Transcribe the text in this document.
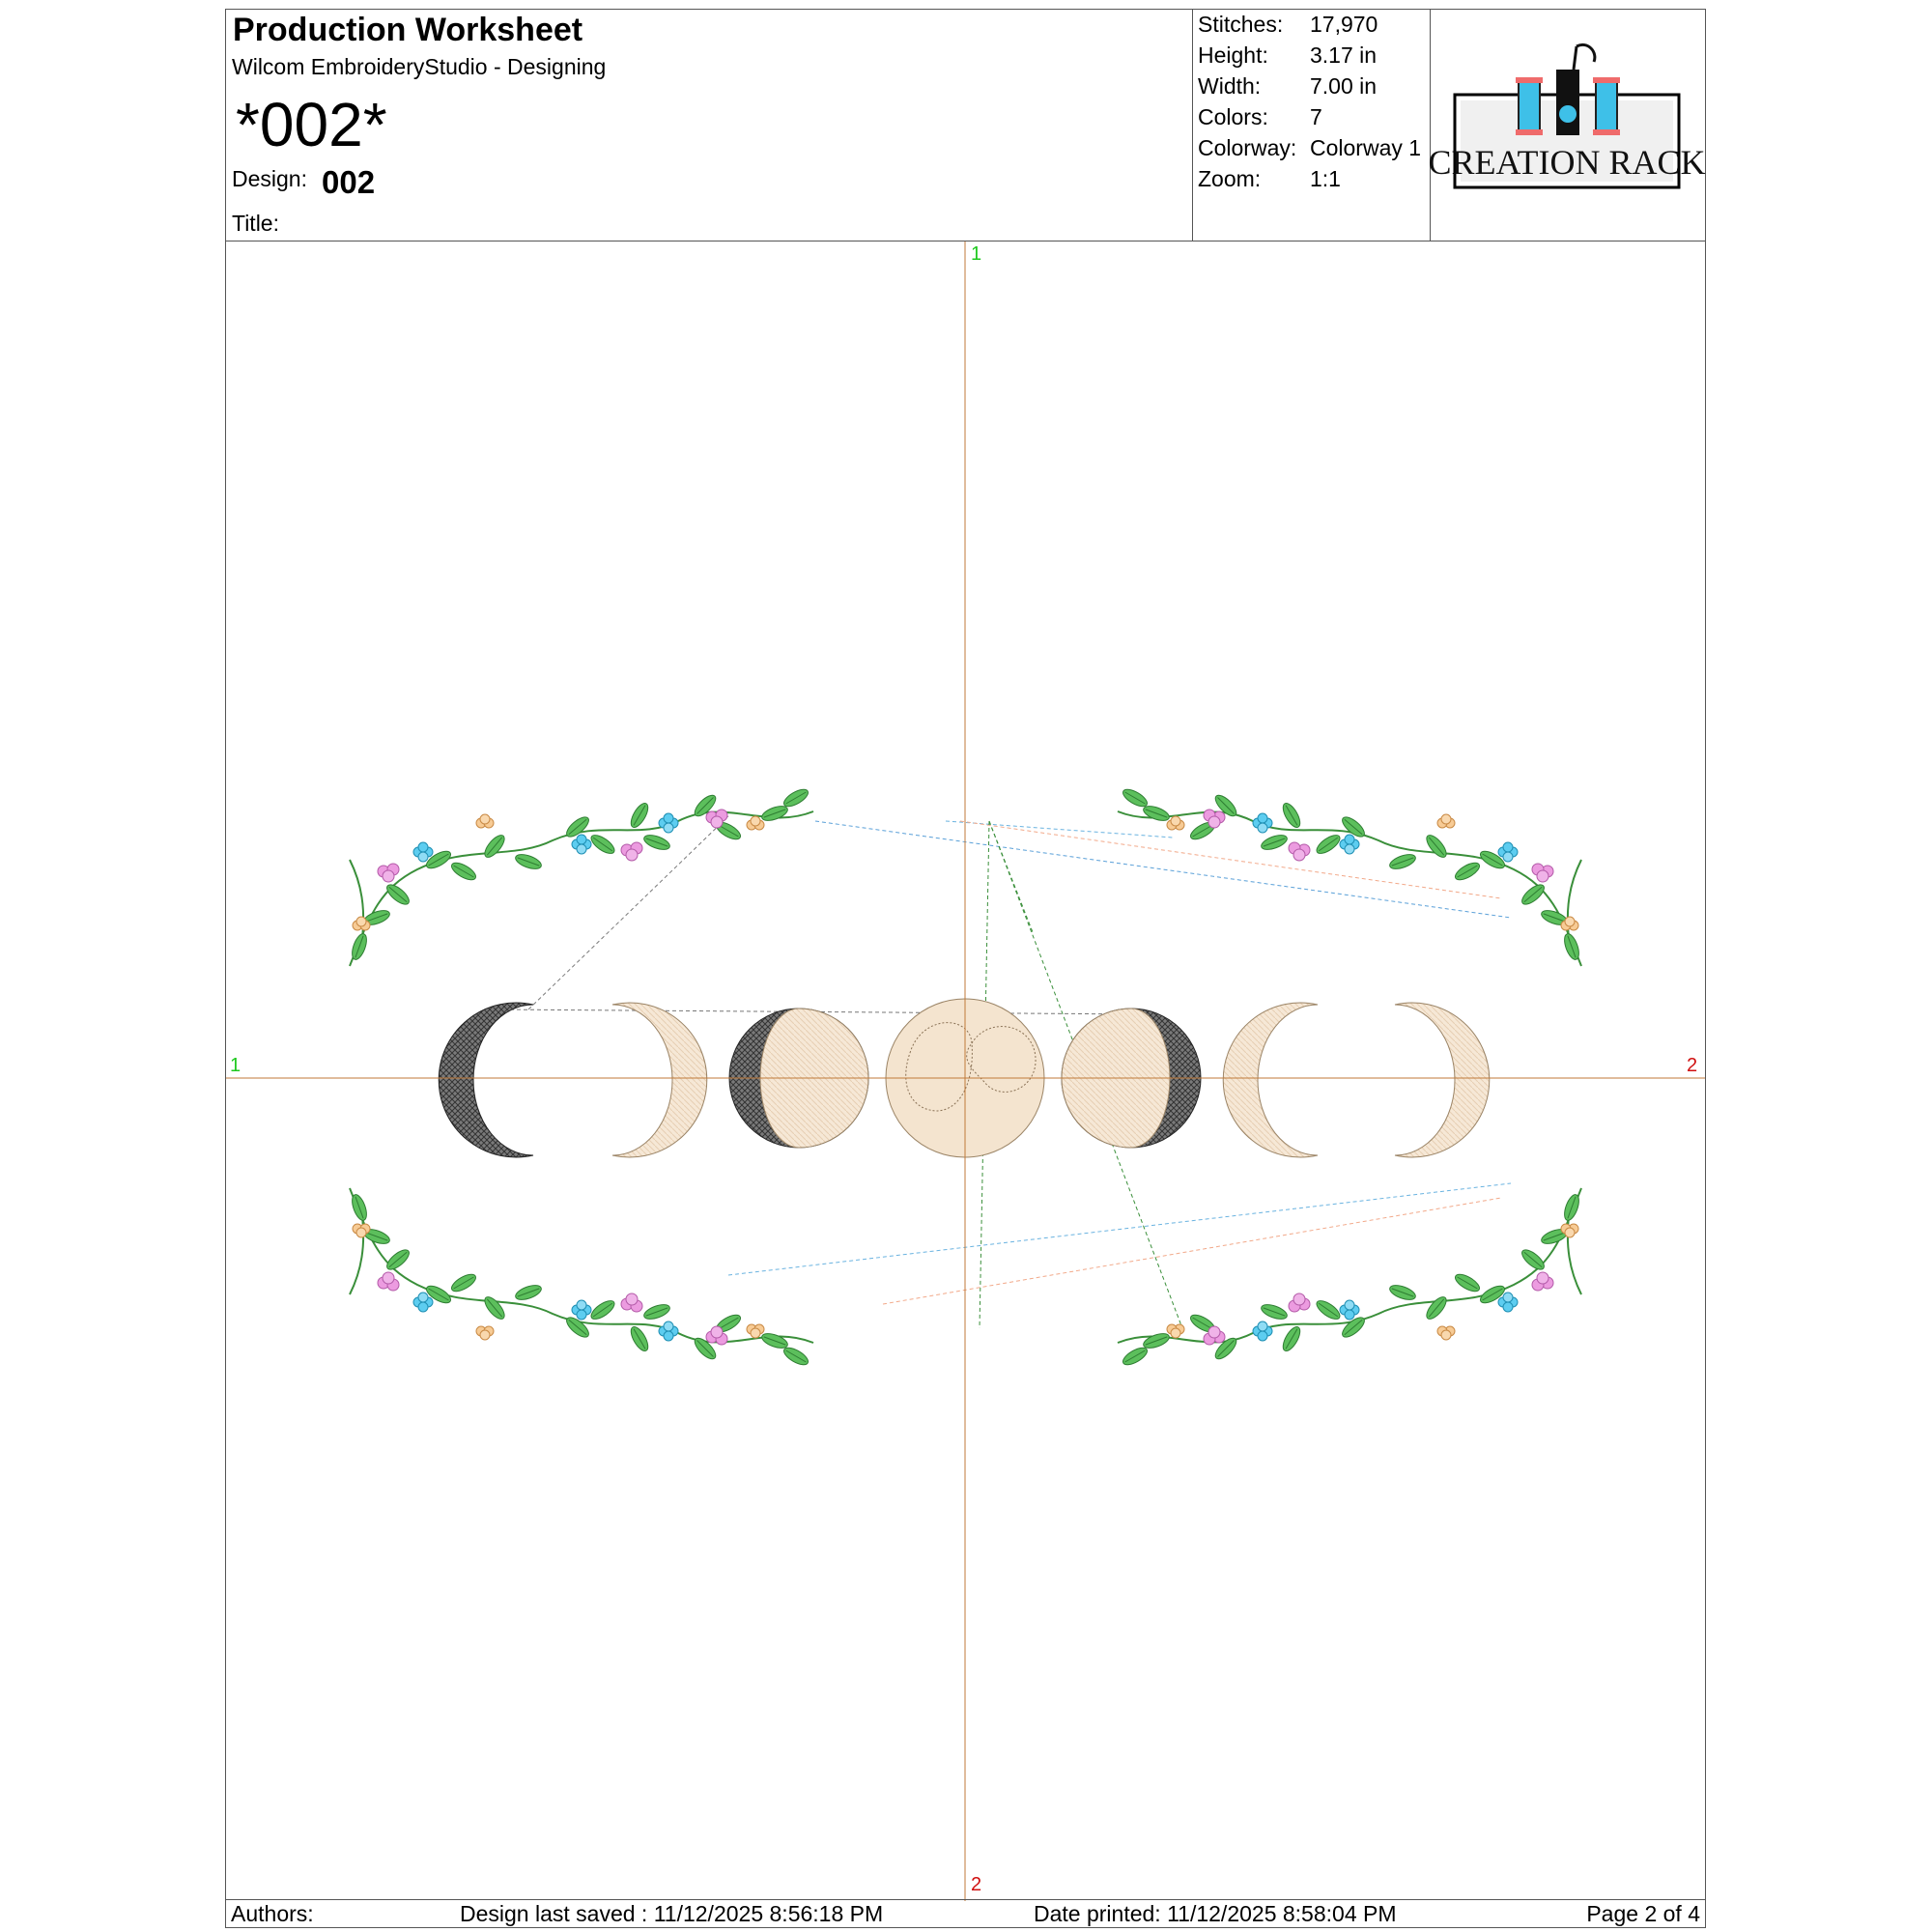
Production Worksheet
Wilcom EmbroideryStudio - Designing
*002*
Design: 002
Title:
Stitches: 17,970
Height: 3.17 in
Width: 7.00 in
Colors: 7
Colorway: Colorway 1
Zoom: 1:1	CREATION RACK
1
1	2
2
Authors:	Design last saved : 11/12/2025 8:56:18 PM	Date printed: 11/12/2025 8:58:04 PM	Page 2 of 4
